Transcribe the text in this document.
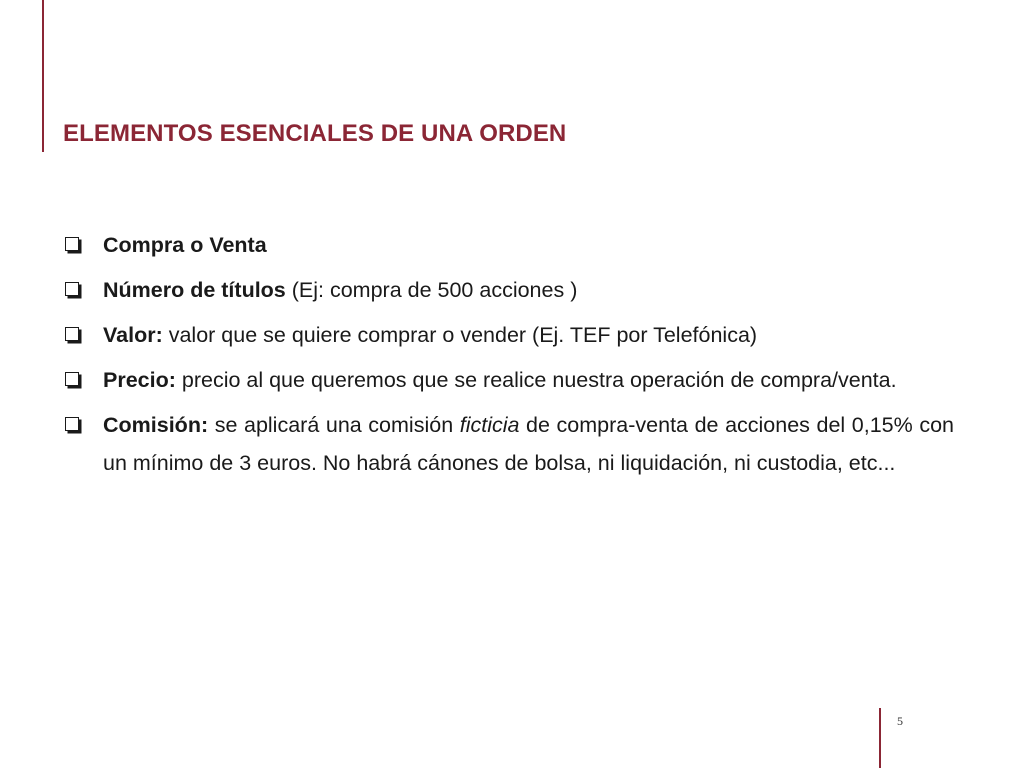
ELEMENTOS ESENCIALES DE UNA ORDEN
Compra o Venta
Número de títulos (Ej: compra de 500 acciones )
Valor: valor que se quiere comprar o vender (Ej. TEF por Telefónica)
Precio: precio al que queremos que se realice nuestra operación de compra/venta.
Comisión: se aplicará una comisión ficticia de compra-venta de acciones del 0,15% con un mínimo de 3 euros. No habrá cánones de bolsa, ni liquidación, ni custodia, etc...
5
